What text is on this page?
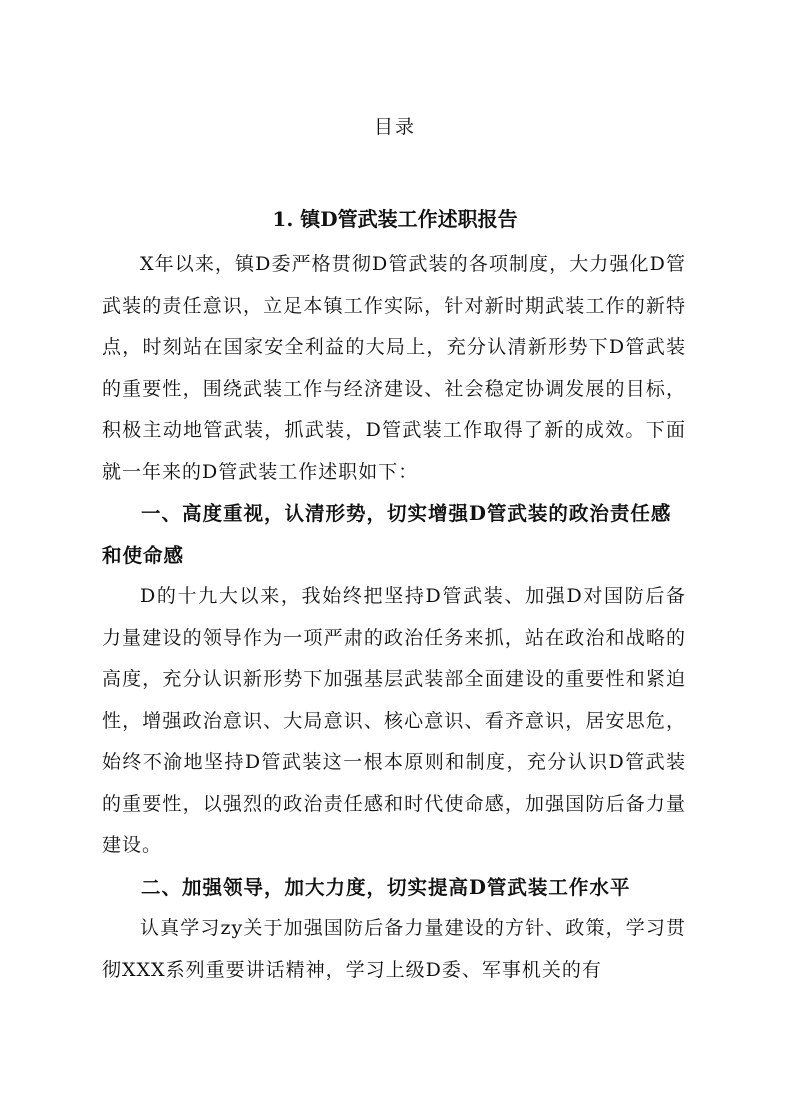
目录
1. 镇D管武装工作述职报告

X年以来，镇D委严格贯彻D管武装的各项制度，大力强化D管武装的责任意识，立足本镇工作实际，针对新时期武装工作的新特点，时刻站在国家安全利益的大局上，充分认清新形势下D管武装的重要性，围绕武装工作与经济建设、社会稳定协调发展的目标，积极主动地管武装，抓武装，D管武装工作取得了新的成效。下面就一年来的D管武装工作述职如下：

一、高度重视，认清形势，切实增强D管武装的政治责任感和使命感

D的十九大以来，我始终把坚持D管武装、加强D对国防后备力量建设的领导作为一项严肃的政治任务来抓，站在政治和战略的高度，充分认识新形势下加强基层武装部全面建设的重要性和紧迫性，增强政治意识、大局意识、核心意识、看齐意识，居安思危，始终不渝地坚持D管武装这一根本原则和制度，充分认识D管武装的重要性，以强烈的政治责任感和时代使命感，加强国防后备力量建设。

二、加强领导，加大力度，切实提高D管武装工作水平

认真学习zy关于加强国防后备力量建设的方针、政策，学习贯彻XXX系列重要讲话精神，学习上级D委、军事机关的有
